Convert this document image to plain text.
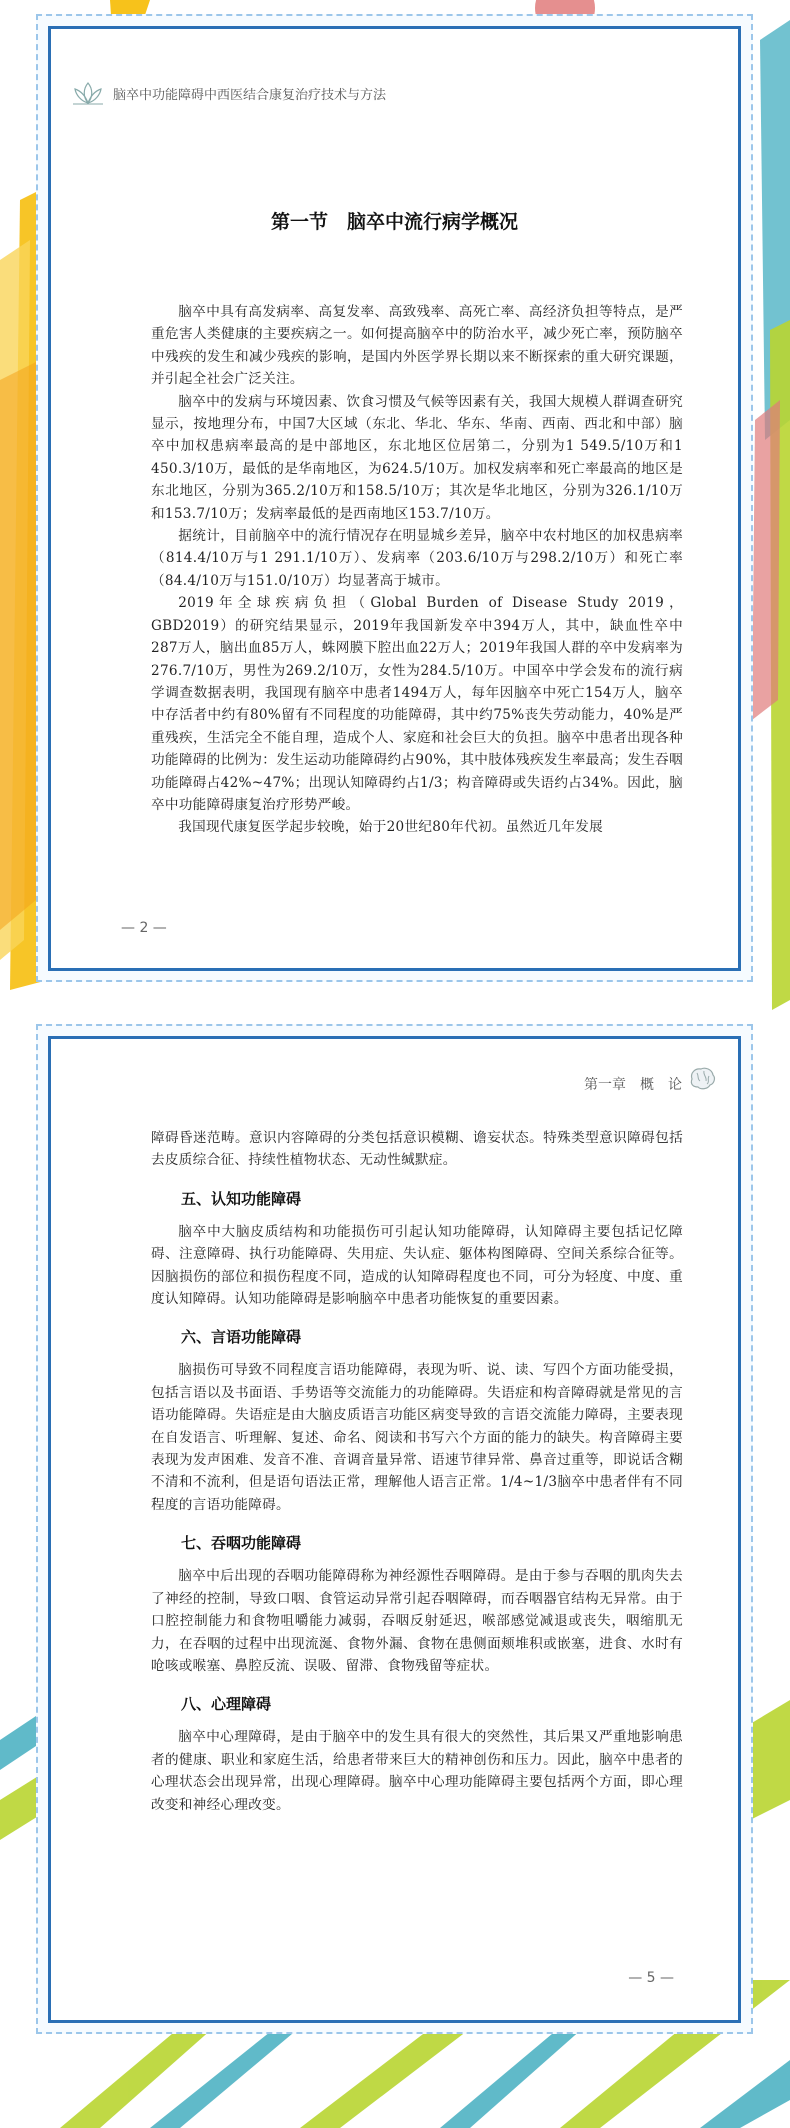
脑卒中功能障碍中西医结合康复治疗技术与方法
第一节　脑卒中流行病学概况

脑卒中具有高发病率、高复发率、高致残率、高死亡率、高经济负担等特点，是严重危害人类健康的主要疾病之一。如何提高脑卒中的防治水平，减少死亡率，预防脑卒中残疾的发生和减少残疾的影响，是国内外医学界长期以来不断探索的重大研究课题，并引起全社会广泛关注。

脑卒中的发病与环境因素、饮食习惯及气候等因素有关，我国大规模人群调查研究显示，按地理分布，中国7大区域（东北、华北、华东、华南、西南、西北和中部）脑卒中加权患病率最高的是中部地区，东北地区位居第二，分别为1 549.5/10万和1 450.3/10万，最低的是华南地区，为624.5/10万。加权发病率和死亡率最高的地区是东北地区，分别为365.2/10万和158.5/10万；其次是华北地区，分别为326.1/10万和153.7/10万；发病率最低的是西南地区153.7/10万。

据统计，目前脑卒中的流行情况存在明显城乡差异，脑卒中农村地区的加权患病率（814.4/10万与1 291.1/10万）、发病率（203.6/10万与298.2/10万）和死亡率（84.4/10万与151.0/10万）均显著高于城市。

2019年全球疾病负担（Global Burden of Disease Study 2019，GBD2019）的研究结果显示，2019年我国新发卒中394万人，其中，缺血性卒中287万人，脑出血85万人，蛛网膜下腔出血22万人；2019年我国人群的卒中发病率为276.7/10万，男性为269.2/10万，女性为284.5/10万。中国卒中学会发布的流行病学调查数据表明，我国现有脑卒中患者1494万人，每年因脑卒中死亡154万人，脑卒中存活者中约有80%留有不同程度的功能障碍，其中约75%丧失劳动能力，40%是严重残疾，生活完全不能自理，造成个人、家庭和社会巨大的负担。脑卒中患者出现各种功能障碍的比例为：发生运动功能障碍约占90%，其中肢体残疾发生率最高；发生吞咽功能障碍占42%~47%；出现认知障碍约占1/3；构音障碍或失语约占34%。因此，脑卒中功能障碍康复治疗形势严峻。

我国现代康复医学起步较晚，始于20世纪80年代初。虽然近几年发展

— 2 —
第一章　概　论

障碍昏迷范畴。意识内容障碍的分类包括意识模糊、谵妄状态。特殊类型意识障碍包括去皮质综合征、持续性植物状态、无动性缄默症。

五、认知功能障碍

脑卒中大脑皮质结构和功能损伤可引起认知功能障碍，认知障碍主要包括记忆障碍、注意障碍、执行功能障碍、失用症、失认症、躯体构图障碍、空间关系综合征等。因脑损伤的部位和损伤程度不同，造成的认知障碍程度也不同，可分为轻度、中度、重度认知障碍。认知功能障碍是影响脑卒中患者功能恢复的重要因素。

六、言语功能障碍

脑损伤可导致不同程度言语功能障碍，表现为听、说、读、写四个方面功能受损，包括言语以及书面语、手势语等交流能力的功能障碍。失语症和构音障碍就是常见的言语功能障碍。失语症是由大脑皮质语言功能区病变导致的言语交流能力障碍，主要表现在自发语言、听理解、复述、命名、阅读和书写六个方面的能力的缺失。构音障碍主要表现为发声困难、发音不准、音调音量异常、语速节律异常、鼻音过重等，即说话含糊不清和不流利，但是语句语法正常，理解他人语言正常。1/4~1/3脑卒中患者伴有不同程度的言语功能障碍。

七、吞咽功能障碍

脑卒中后出现的吞咽功能障碍称为神经源性吞咽障碍。是由于参与吞咽的肌肉失去了神经的控制，导致口咽、食管运动异常引起吞咽障碍，而吞咽器官结构无异常。由于口腔控制能力和食物咀嚼能力减弱，吞咽反射延迟，喉部感觉减退或丧失，咽缩肌无力，在吞咽的过程中出现流涎、食物外漏、食物在患侧面颊堆积或嵌塞，进食、水时有呛咳或喉塞、鼻腔反流、误吸、留滞、食物残留等症状。

八、心理障碍

脑卒中心理障碍，是由于脑卒中的发生具有很大的突然性，其后果又严重地影响患者的健康、职业和家庭生活，给患者带来巨大的精神创伤和压力。因此，脑卒中患者的心理状态会出现异常，出现心理障碍。脑卒中心理功能障碍主要包括两个方面，即心理改变和神经心理改变。

— 5 —
